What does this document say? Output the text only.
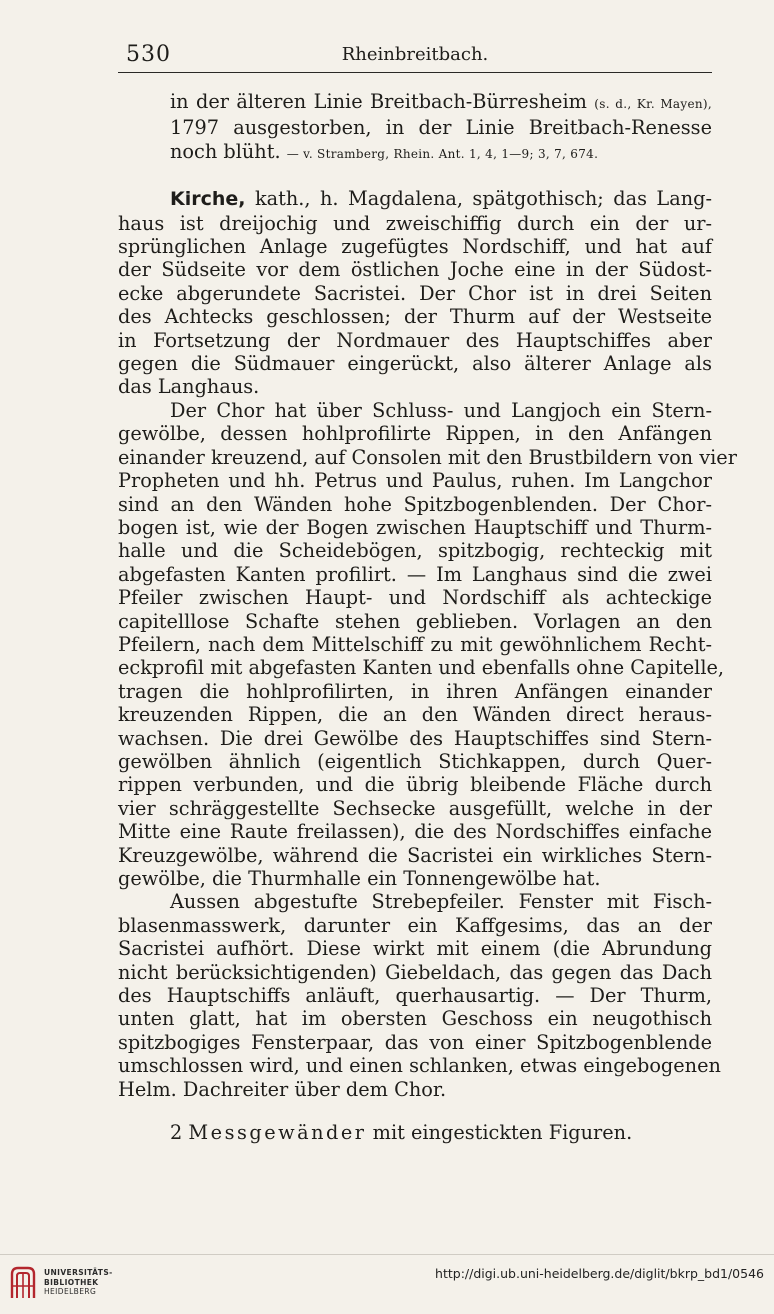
530	Rheinbreitbach.
in der älteren Linie Breitbach-Bürresheim (s. d., Kr. Mayen),
1797 ausgestorben, in der Linie Breitbach-Renesse
noch blüht. — v. Stramberg, Rhein. Ant. 1, 4, 1—9; 3, 7, 674.
Kirche, kath., h. Magdalena, spätgothisch; das Lang-
haus ist dreijochig und zweischiffig durch ein der ur-
sprünglichen Anlage zugefügtes Nordschiff, und hat auf
der Südseite vor dem östlichen Joche eine in der Südost-
ecke abgerundete Sacristei. Der Chor ist in drei Seiten
des Achtecks geschlossen; der Thurm auf der Westseite
in Fortsetzung der Nordmauer des Hauptschiffes aber
gegen die Südmauer eingerückt, also älterer Anlage als
das Langhaus.
Der Chor hat über Schluss- und Langjoch ein Stern-
gewölbe, dessen hohlprofilirte Rippen, in den Anfängen
einander kreuzend, auf Consolen mit den Brustbildern von vier
Propheten und hh. Petrus und Paulus, ruhen. Im Langchor
sind an den Wänden hohe Spitzbogenblenden. Der Chor-
bogen ist, wie der Bogen zwischen Hauptschiff und Thurm-
halle und die Scheidebögen, spitzbogig, rechteckig mit
abgefasten Kanten profilirt. — Im Langhaus sind die zwei
Pfeiler zwischen Haupt- und Nordschiff als achteckige
capitelllose Schafte stehen geblieben. Vorlagen an den
Pfeilern, nach dem Mittelschiff zu mit gewöhnlichem Recht-
eckprofil mit abgefasten Kanten und ebenfalls ohne Capitelle,
tragen die hohlprofilirten, in ihren Anfängen einander
kreuzenden Rippen, die an den Wänden direct heraus-
wachsen. Die drei Gewölbe des Hauptschiffes sind Stern-
gewölben ähnlich (eigentlich Stichkappen, durch Quer-
rippen verbunden, und die übrig bleibende Fläche durch
vier schräggestellte Sechsecke ausgefüllt, welche in der
Mitte eine Raute freilassen), die des Nordschiffes einfache
Kreuzgewölbe, während die Sacristei ein wirkliches Stern-
gewölbe, die Thurmhalle ein Tonnengewölbe hat.
Aussen abgestufte Strebepfeiler. Fenster mit Fisch-
blasenmasswerk, darunter ein Kaffgesims, das an der
Sacristei aufhört. Diese wirkt mit einem (die Abrundung
nicht berücksichtigenden) Giebeldach, das gegen das Dach
des Hauptschiffs anläuft, querhausartig. — Der Thurm,
unten glatt, hat im obersten Geschoss ein neugothisch
spitzbogiges Fensterpaar, das von einer Spitzbogenblende
umschlossen wird, und einen schlanken, etwas eingebogenen
Helm. Dachreiter über dem Chor.
2 Messgewänder mit eingestickten Figuren.
UNIVERSITÄTS-
BIBLIOTHEK
HEIDELBERG
http://digi.ub.uni-heidelberg.de/diglit/bkrp_bd1/0546
